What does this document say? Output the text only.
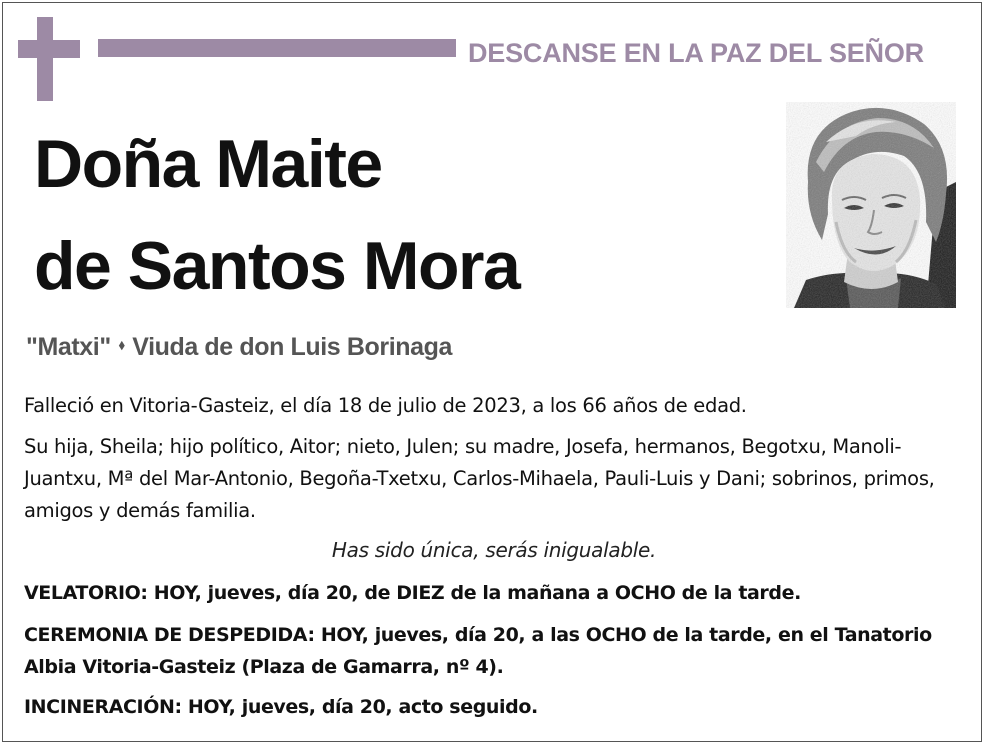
DESCANSE EN LA PAZ DEL SEÑOR
Doña Maite
de Santos Mora
"Matxi" ⬧ Viuda de don Luis Borinaga
Falleció en Vitoria-Gasteiz, el día 18 de julio de 2023, a los 66 años de edad.
Su hija, Sheila; hijo político, Aitor; nieto, Julen; su madre, Josefa, hermanos, Begotxu, Manoli-Juantxu, Mª del Mar-Antonio, Begoña-Txetxu, Carlos-Mihaela, Pauli-Luis y Dani; sobrinos, primos, amigos y demás familia.
Has sido única, serás inigualable.
VELATORIO: HOY, jueves, día 20, de DIEZ de la mañana a OCHO de la tarde.
CEREMONIA DE DESPEDIDA: HOY, jueves, día 20, a las OCHO de la tarde, en el Tanatorio Albia Vitoria-Gasteiz (Plaza de Gamarra, nº 4).
INCINERACIÓN: HOY, jueves, día 20, acto seguido.
